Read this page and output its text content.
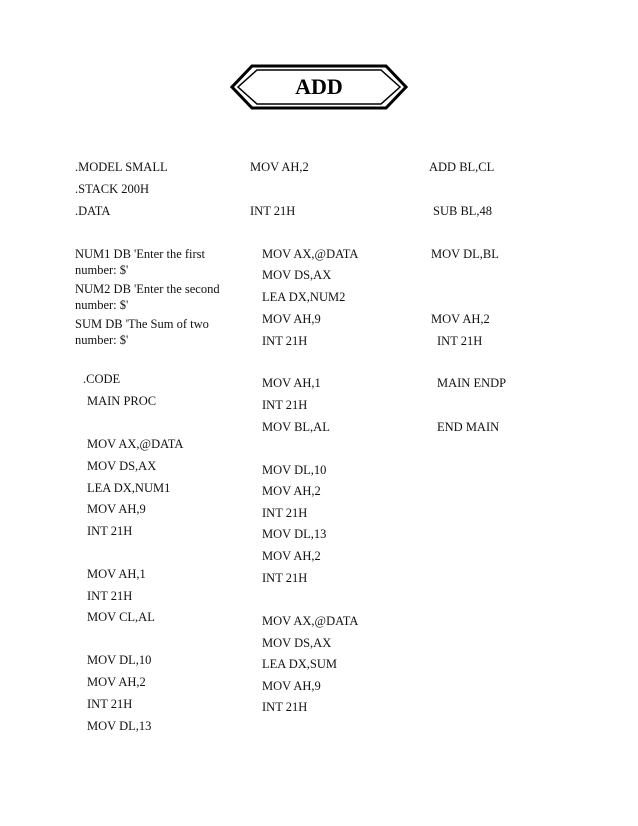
ADD
.MODEL SMALL
.STACK 200H
.DATA
NUM1 DB 'Enter the first number: $'
NUM2 DB 'Enter the second number: $'
SUM DB 'The Sum of two number: $'
.CODE
MAIN PROC
MOV AX,@DATA
MOV DS,AX
LEA DX,NUM1
MOV AH,9
INT 21H
MOV AH,1
INT 21H
MOV CL,AL
MOV DL,10
MOV AH,2
INT 21H
MOV DL,13
MOV AH,2
INT 21H
MOV AX,@DATA
MOV DS,AX
LEA DX,NUM2
MOV AH,9
INT 21H
MOV AH,1
INT 21H
MOV BL,AL
MOV DL,10
MOV AH,2
INT 21H
MOV DL,13
MOV AH,2
INT 21H
MOV AX,@DATA
MOV DS,AX
LEA DX,SUM
MOV AH,9
INT 21H
ADD BL,CL
SUB BL,48
MOV DL,BL
MOV AH,2
INT 21H
MAIN ENDP
END MAIN
